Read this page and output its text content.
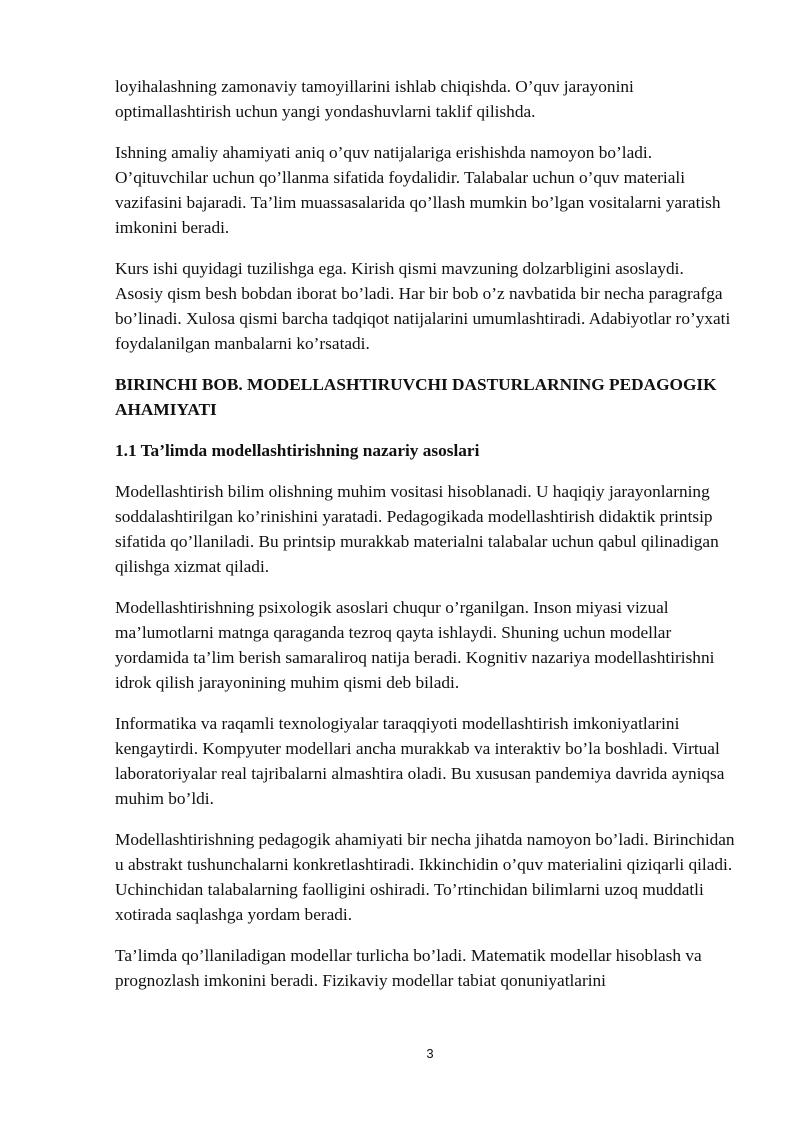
loyihalashning zamonaviy tamoyillarini ishlab chiqishda. O’quv jarayonini optimallashtirish uchun yangi yondashuvlarni taklif qilishda.

Ishning amaliy ahamiyati aniq o’quv natijalariga erishishda namoyon bo’ladi. O’qituvchilar uchun qo’llanma sifatida foydalidir. Talabalar uchun o’quv materiali vazifasini bajaradi. Ta’lim muassasalarida qo’llash mumkin bo’lgan vositalarni yaratish imkonini beradi.

Kurs ishi quyidagi tuzilishga ega. Kirish qismi mavzuning dolzarbligini asoslaydi. Asosiy qism besh bobdan iborat bo’ladi. Har bir bob o’z navbatida bir necha paragrafga bo’linadi. Xulosa qismi barcha tadqiqot natijalarini umumlashtiradi. Adabiyotlar ro’yxati foydalanilgan manbalarni ko’rsatadi.

BIRINCHI BOB. MODELLASHTIRUVCHI DASTURLARNING PEDAGOGIK AHAMIYATI

1.1 Ta’limda modellashtirishning nazariy asoslari

Modellashtirish bilim olishning muhim vositasi hisoblanadi. U haqiqiy jarayonlarning soddalashtirilgan ko’rinishini yaratadi. Pedagogikada modellashtirish didaktik printsip sifatida qo’llaniladi. Bu printsip murakkab materialni talabalar uchun qabul qilinadigan qilishga xizmat qiladi.

Modellashtirishning psixologik asoslari chuqur o’rganilgan. Inson miyasi vizual ma’lumotlarni matnga qaraganda tezroq qayta ishlaydi. Shuning uchun modellar yordamida ta’lim berish samaraliroq natija beradi. Kognitiv nazariya modellashtirishni idrok qilish jarayonining muhim qismi deb biladi.

Informatika va raqamli texnologiyalar taraqqiyoti modellashtirish imkoniyatlarini kengaytirdi. Kompyuter modellari ancha murakkab va interaktiv bo’la boshladi. Virtual laboratoriyalar real tajribalarni almashtira oladi. Bu xususan pandemiya davrida ayniqsa muhim bo’ldi.

Modellashtirishning pedagogik ahamiyati bir necha jihatda namoyon bo’ladi. Birinchidan u abstrakt tushunchalarni konkretlashtiradi. Ikkinchidin o’quv materialini qiziqarli qiladi. Uchinchidan talabalarning faolligini oshiradi. To’rtinchidan bilimlarni uzoq muddatli xotirada saqlashga yordam beradi.

Ta’limda qo’llaniladigan modellar turlicha bo’ladi. Matematik modellar hisoblash va prognozlash imkonini beradi. Fizikaviy modellar tabiat qonuniyatlarini

3
